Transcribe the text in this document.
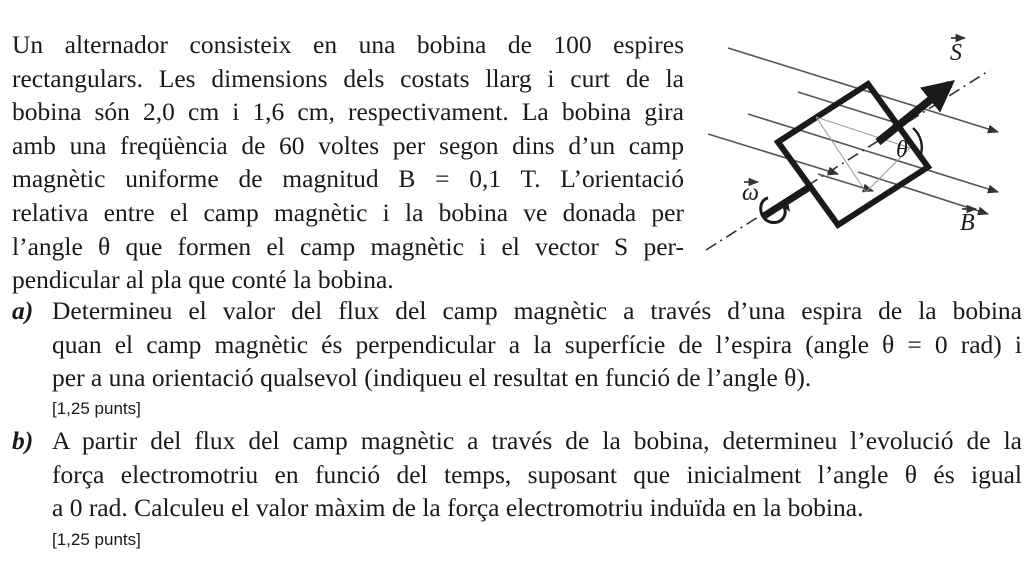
Un alternador consisteix en una bobina de 100 espires
rectangulars. Les dimensions dels costats llarg i curt de la
bobina són 2,0 cm i 1,6 cm, respectivament. La bobina gira
amb una freqüència de 60 voltes per segon dins d’un camp
magnètic uniforme de magnitud B = 0,1 T. L’orientació
relativa entre el camp magnètic i la bobina ve donada per
l’angle θ que formen el camp magnètic i el vector S per-
pendicular al pla que conté la bobina.
θ
S
B
ω
a) Determineu el valor del flux del camp magnètic a través d’una espira de la bobina
quan el camp magnètic és perpendicular a la superfície de l’espira (angle θ = 0 rad) i
per a una orientació qualsevol (indiqueu el resultat en funció de l’angle θ).
[1,25 punts]
b) A partir del flux del camp magnètic a través de la bobina, determineu l’evolució de la
força electromotriu en funció del temps, suposant que inicialment l’angle θ és igual
a 0 rad. Calculeu el valor màxim de la força electromotriu induïda en la bobina.
[1,25 punts]
